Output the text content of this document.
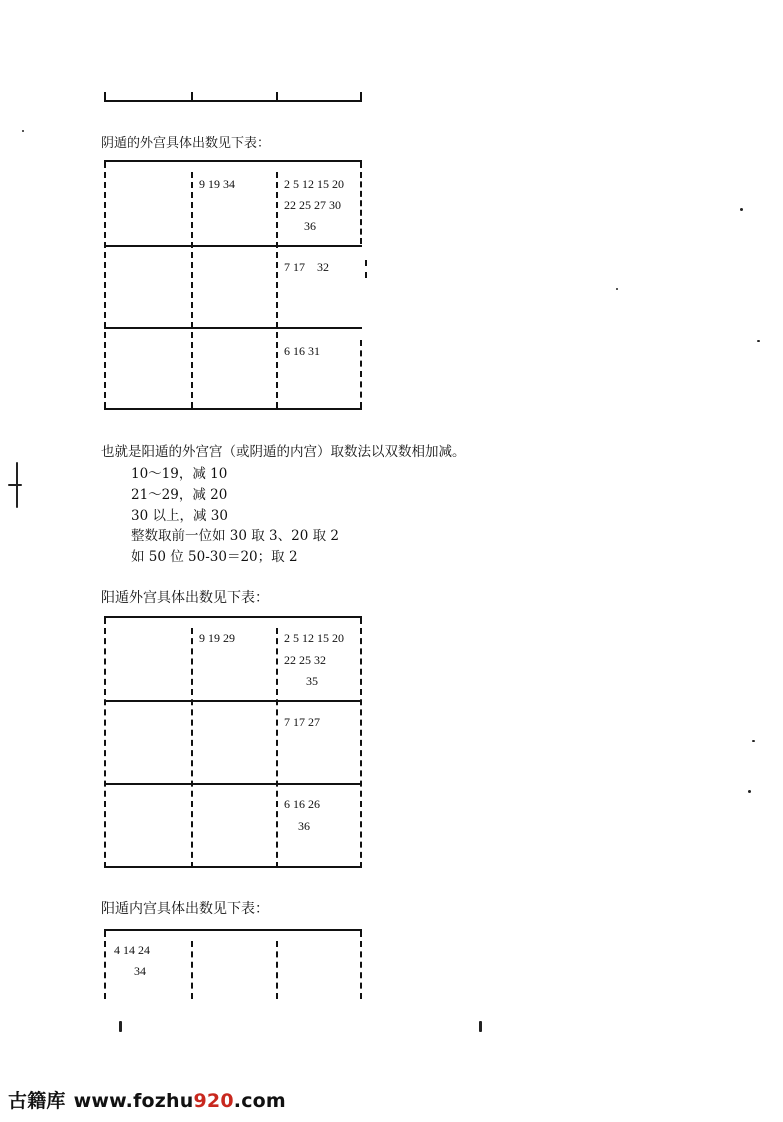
阴遁的外宫具体出数见下表：
9 19 34	2 5 12 15 20
22 25 27 30
36
7 17    32
6 16 31
也就是阳遁的外宫宫（或阴遁的内宫）取数法以双数相加减。
10～19，减 10
21～29，减 20
30 以上，减 30
整数取前一位如 30 取 3、20 取 2
如 50 位 50-30＝20；取 2
阳遁外宫具体出数见下表：
9 19 29	2 5 12 15 20
22 25 32
35
7 17 27
6 16 26
36
阳遁内宫具体出数见下表：
4 14 24
34
古籍库 www.fozhu920.com
